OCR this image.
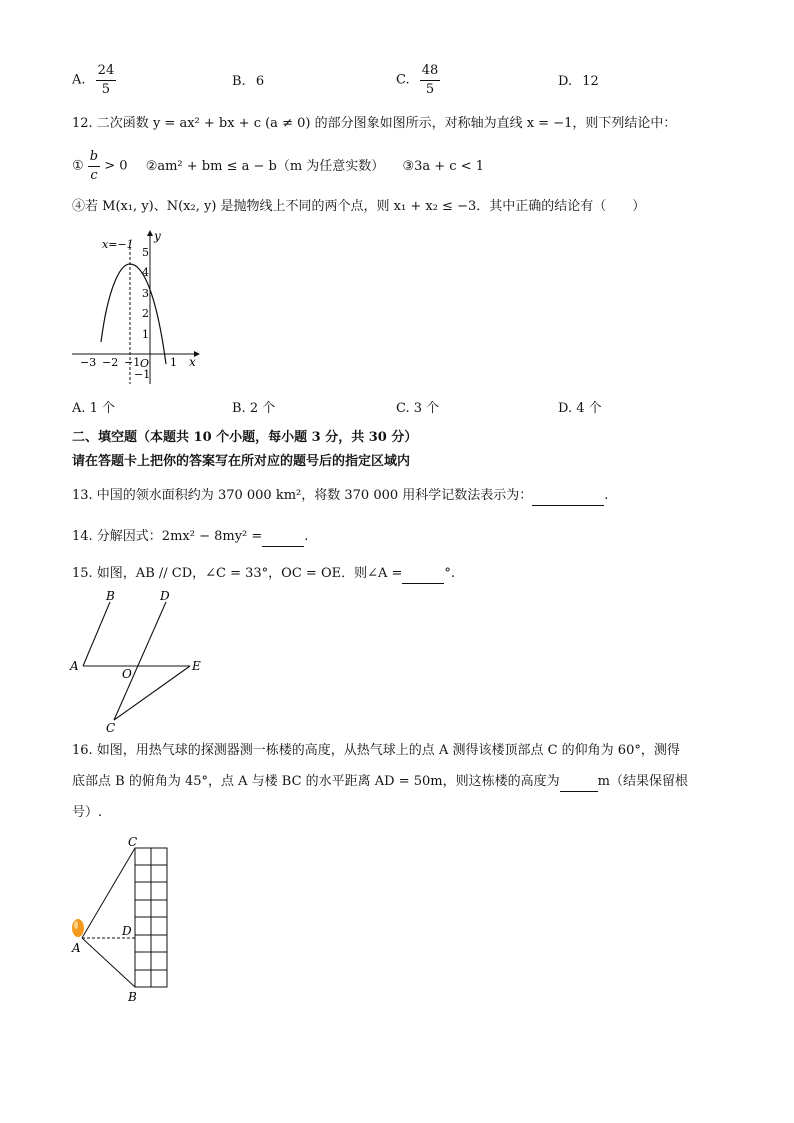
A. $\frac{24}{5}$	B. 6	C. $\frac{48}{5}$	D. 12
12. 二次函数 y = ax² + bx + c (a ≠ 0) 的部分图象如图所示，对称轴为直线 x = −1，则下列结论中：
① $\frac{b}{c} > 0$ ②am² + bm ≤ a − b（m 为任意实数） ③3a + c < 1
④若 M(x₁, y)、N(x₂, y) 是抛物线上不同的两个点，则 x₁ + x₂ ≤ −3．其中正确的结论有（　　）
−3 −2 −1	1
O	x
y
5
4
3
2
1
−1
x=−1
A. 1 个	B. 2 个	C. 3 个	D. 4 个
二、填空题（本题共 10 个小题，每小题 3 分，共 30 分）
请在答题卡上把你的答案写在所对应的题号后的指定区域内
13. 中国的领水面积约为 370 000 km²，将数 370 000 用科学记数法表示为：	.
14. 分解因式：2mx² − 8my² =	.
15. 如图，AB // CD，∠C = 33°，OC = OE．则∠A =	°.
B	D
A
O
E
C
16. 如图，用热气球的探测器测一栋楼的高度，从热气球上的点 A 测得该楼顶部点 C 的仰角为 60°，测得
底部点 B 的俯角为 45°，点 A 与楼 BC 的水平距离 AD = 50m，则这栋楼的高度为	m（结果保留根
号）.
C
D
A
B
